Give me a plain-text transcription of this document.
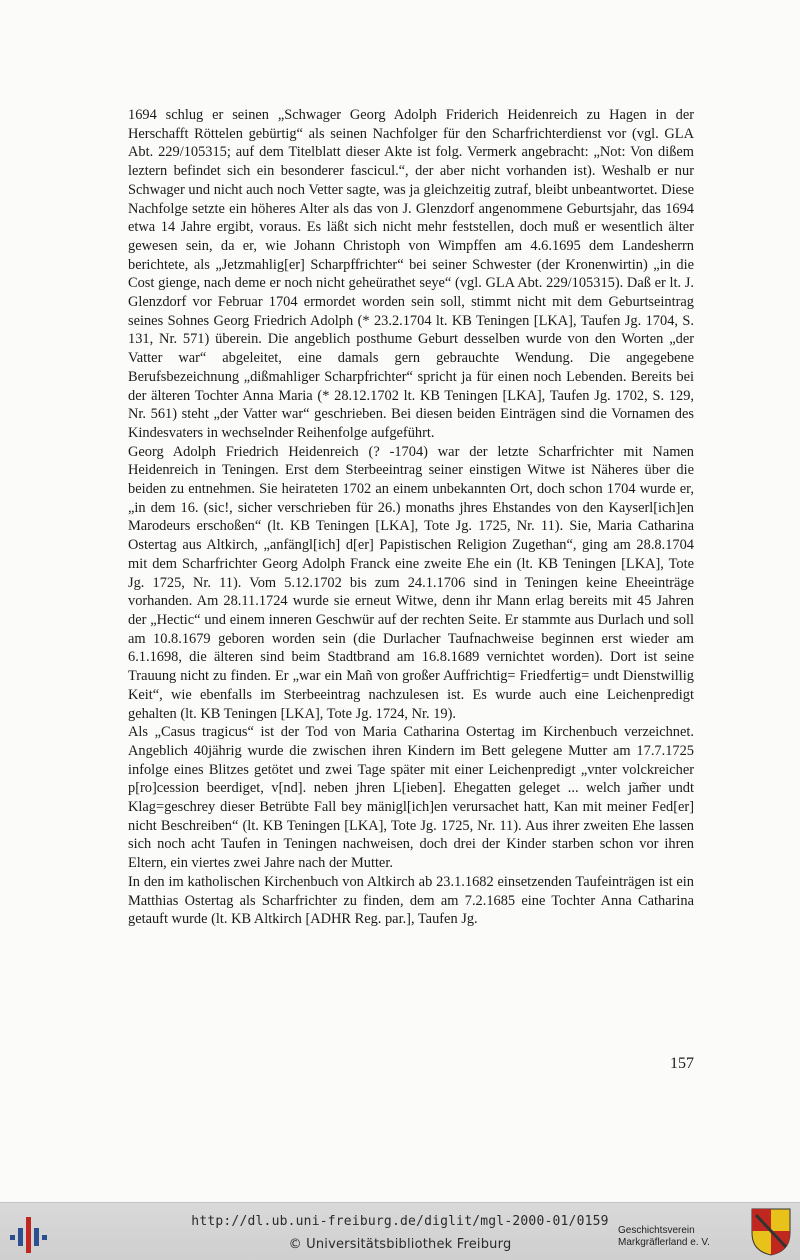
1694 schlug er seinen „Schwager Georg Adolph Friderich Heidenreich zu Hagen in der Herschafft Röttelen gebürtig“ als seinen Nachfolger für den Scharfrichterdienst vor (vgl. GLA Abt. 229/105315; auf dem Titelblatt dieser Akte ist folg. Vermerk angebracht: „Not: Von dißem leztern befindet sich ein besonderer fascicul.“, der aber nicht vorhanden ist). Weshalb er nur Schwager und nicht auch noch Vetter sagte, was ja gleichzeitig zutraf, bleibt unbeantwortet. Diese Nachfolge setzte ein höheres Alter als das von J. Glenzdorf angenommene Geburtsjahr, das 1694 etwa 14 Jahre ergibt, voraus. Es läßt sich nicht mehr feststellen, doch muß er wesentlich älter gewesen sein, da er, wie Johann Christoph von Wimpffen am 4.6.1695 dem Landesherrn berichtete, als „Jetzmahlig[er] Scharpffrichter“ bei seiner Schwester (der Kronenwirtin) „in die Cost gienge, nach deme er noch nicht geheürathet seye“ (vgl. GLA Abt. 229/105315). Daß er lt. J. Glenzdorf vor Februar 1704 ermordet worden sein soll, stimmt nicht mit dem Geburtseintrag seines Sohnes Georg Friedrich Adolph (* 23.2.1704 lt. KB Teningen [LKA], Taufen Jg. 1704, S. 131, Nr. 571) überein. Die angeblich posthume Geburt desselben wurde von den Worten „der Vatter war“ abgeleitet, eine damals gern gebrauchte Wendung. Die angegebene Berufsbezeichnung „dißmahliger Scharpfrichter“ spricht ja für einen noch Lebenden. Bereits bei der älteren Tochter Anna Maria (* 28.12.1702 lt. KB Teningen [LKA], Taufen Jg. 1702, S. 129, Nr. 561) steht „der Vatter war“ geschrieben. Bei diesen beiden Einträgen sind die Vornamen des Kindesvaters in wechselnder Reihenfolge aufgeführt.

Georg Adolph Friedrich Heidenreich (? -1704) war der letzte Scharfrichter mit Namen Heidenreich in Teningen. Erst dem Sterbeeintrag seiner einstigen Witwe ist Näheres über die beiden zu entnehmen. Sie heirateten 1702 an einem unbekannten Ort, doch schon 1704 wurde er, „in dem 16. (sic!, sicher verschrieben für 26.) monaths jhres Ehstandes von den Kayserl[ich]en Marodeurs erschoßen“ (lt. KB Teningen [LKA], Tote Jg. 1725, Nr. 11). Sie, Maria Catharina Ostertag aus Altkirch, „anfängl[ich] d[er] Papistischen Religion Zugethan“, ging am 28.8.1704 mit dem Scharfrichter Georg Adolph Franck eine zweite Ehe ein (lt. KB Teningen [LKA], Tote Jg. 1725, Nr. 11). Vom 5.12.1702 bis zum 24.1.1706 sind in Teningen keine Eheeinträge vorhanden. Am 28.11.1724 wurde sie erneut Witwe, denn ihr Mann erlag bereits mit 45 Jahren der „Hectic“ und einem inneren Geschwür auf der rechten Seite. Er stammte aus Durlach und soll am 10.8.1679 geboren worden sein (die Durlacher Taufnachweise beginnen erst wieder am 6.1.1698, die älteren sind beim Stadtbrand am 16.8.1689 vernichtet worden). Dort ist seine Trauung nicht zu finden. Er „war ein Mañ von großer Auffrichtig= Friedfertig= undt Dienstwillig Keit“, wie ebenfalls im Sterbeeintrag nachzulesen ist. Es wurde auch eine Leichenpredigt gehalten (lt. KB Teningen [LKA], Tote Jg. 1724, Nr. 19).

Als „Casus tragicus“ ist der Tod von Maria Catharina Ostertag im Kirchenbuch verzeichnet. Angeblich 40jährig wurde die zwischen ihren Kindern im Bett gelegene Mutter am 17.7.1725 infolge eines Blitzes getötet und zwei Tage später mit einer Leichenpredigt „vnter volckreicher p[ro]cession beerdiget, v[nd]. neben jhren L[ieben]. Ehegatten geleget ... welch jam̃er undt Klag=geschrey dieser Betrübte Fall bey mänigl[ich]en verursachet hatt, Kan mit meiner Fed[er] nicht Beschreiben“ (lt. KB Teningen [LKA], Tote Jg. 1725, Nr. 11). Aus ihrer zweiten Ehe lassen sich noch acht Taufen in Teningen nachweisen, doch drei der Kinder starben schon vor ihren Eltern, ein viertes zwei Jahre nach der Mutter.

In den im katholischen Kirchenbuch von Altkirch ab 23.1.1682 einsetzenden Taufeinträgen ist ein Matthias Ostertag als Scharfrichter zu finden, dem am 7.2.1685 eine Tochter Anna Catharina getauft wurde (lt. KB Altkirch [ADHR Reg. par.], Taufen Jg.

157
http://dl.ub.uni-freiburg.de/diglit/mgl-2000-01/0159
© Universitätsbibliothek Freiburg
Geschichtsverein
Markgräflerland e. V.
